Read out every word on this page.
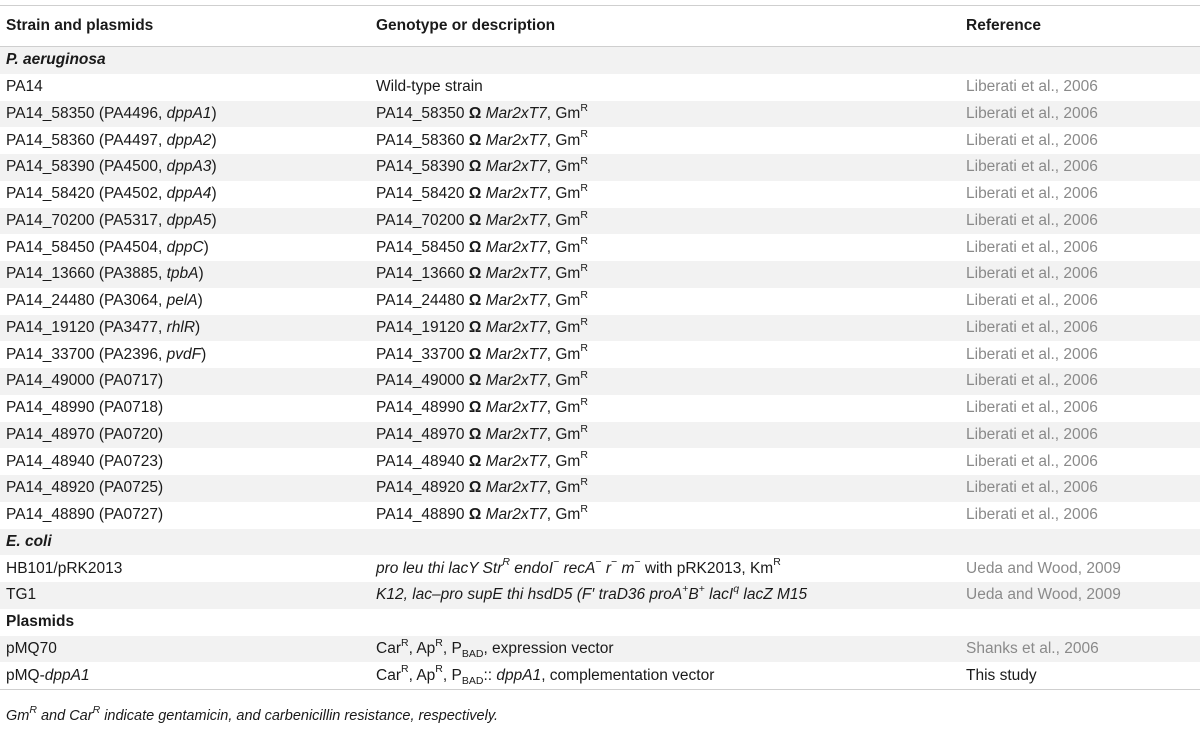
Strain and plasmids	Genotype or description	Reference
P. aeruginosa		
PA14	Wild-type strain	Liberati et al., 2006
PA14_58350 (PA4496, dppA1)	PA14_58350 Ω Mar2xT7, $Gm^R$	Liberati et al., 2006
PA14_58360 (PA4497, dppA2)	PA14_58360 Ω Mar2xT7, $Gm^R$	Liberati et al., 2006
PA14_58390 (PA4500, dppA3)	PA14_58390 Ω Mar2xT7, $Gm^R$	Liberati et al., 2006
PA14_58420 (PA4502, dppA4)	PA14_58420 Ω Mar2xT7, $Gm^R$	Liberati et al., 2006
PA14_70200 (PA5317, dppA5)	PA14_70200 Ω Mar2xT7, $Gm^R$	Liberati et al., 2006
PA14_58450 (PA4504, dppC)	PA14_58450 Ω Mar2xT7, $Gm^R$	Liberati et al., 2006
PA14_13660 (PA3885, tpbA)	PA14_13660 Ω Mar2xT7, $Gm^R$	Liberati et al., 2006
PA14_24480 (PA3064, pelA)	PA14_24480 Ω Mar2xT7, $Gm^R$	Liberati et al., 2006
PA14_19120 (PA3477, rhlR)	PA14_19120 Ω Mar2xT7, $Gm^R$	Liberati et al., 2006
PA14_33700 (PA2396, pvdF)	PA14_33700 Ω Mar2xT7, $Gm^R$	Liberati et al., 2006
PA14_49000 (PA0717)	PA14_49000 Ω Mar2xT7, $Gm^R$	Liberati et al., 2006
PA14_48990 (PA0718)	PA14_48990 Ω Mar2xT7, $Gm^R$	Liberati et al., 2006
PA14_48970 (PA0720)	PA14_48970 Ω Mar2xT7, $Gm^R$	Liberati et al., 2006
PA14_48940 (PA0723)	PA14_48940 Ω Mar2xT7, $Gm^R$	Liberati et al., 2006
PA14_48920 (PA0725)	PA14_48920 Ω Mar2xT7, $Gm^R$	Liberati et al., 2006
PA14_48890 (PA0727)	PA14_48890 Ω Mar2xT7, $Gm^R$	Liberati et al., 2006
E. coli		
HB101/pRK2013	pro leu thi lacY Str$^R$ endoI− recA− r− m− with pRK2013, $Km^R$	Ueda and Wood, 2009
TG1	K12, lac–pro supE thi hsdD5 (F′ traD36 proA+B+ lacI$^q$ lacZ M15	Ueda and Wood, 2009
Plasmids		
pMQ70	Car$^R$, $Ap^R$, $P_{BAD}$, expression vector	Shanks et al., 2006
pMQ-dppA1	Car$^R$, $Ap^R$, $P_{BAD}$:: dppA1, complementation vector	This study
$Gm^R$ and Car$^R$ indicate gentamicin, and carbenicillin resistance, respectively.
